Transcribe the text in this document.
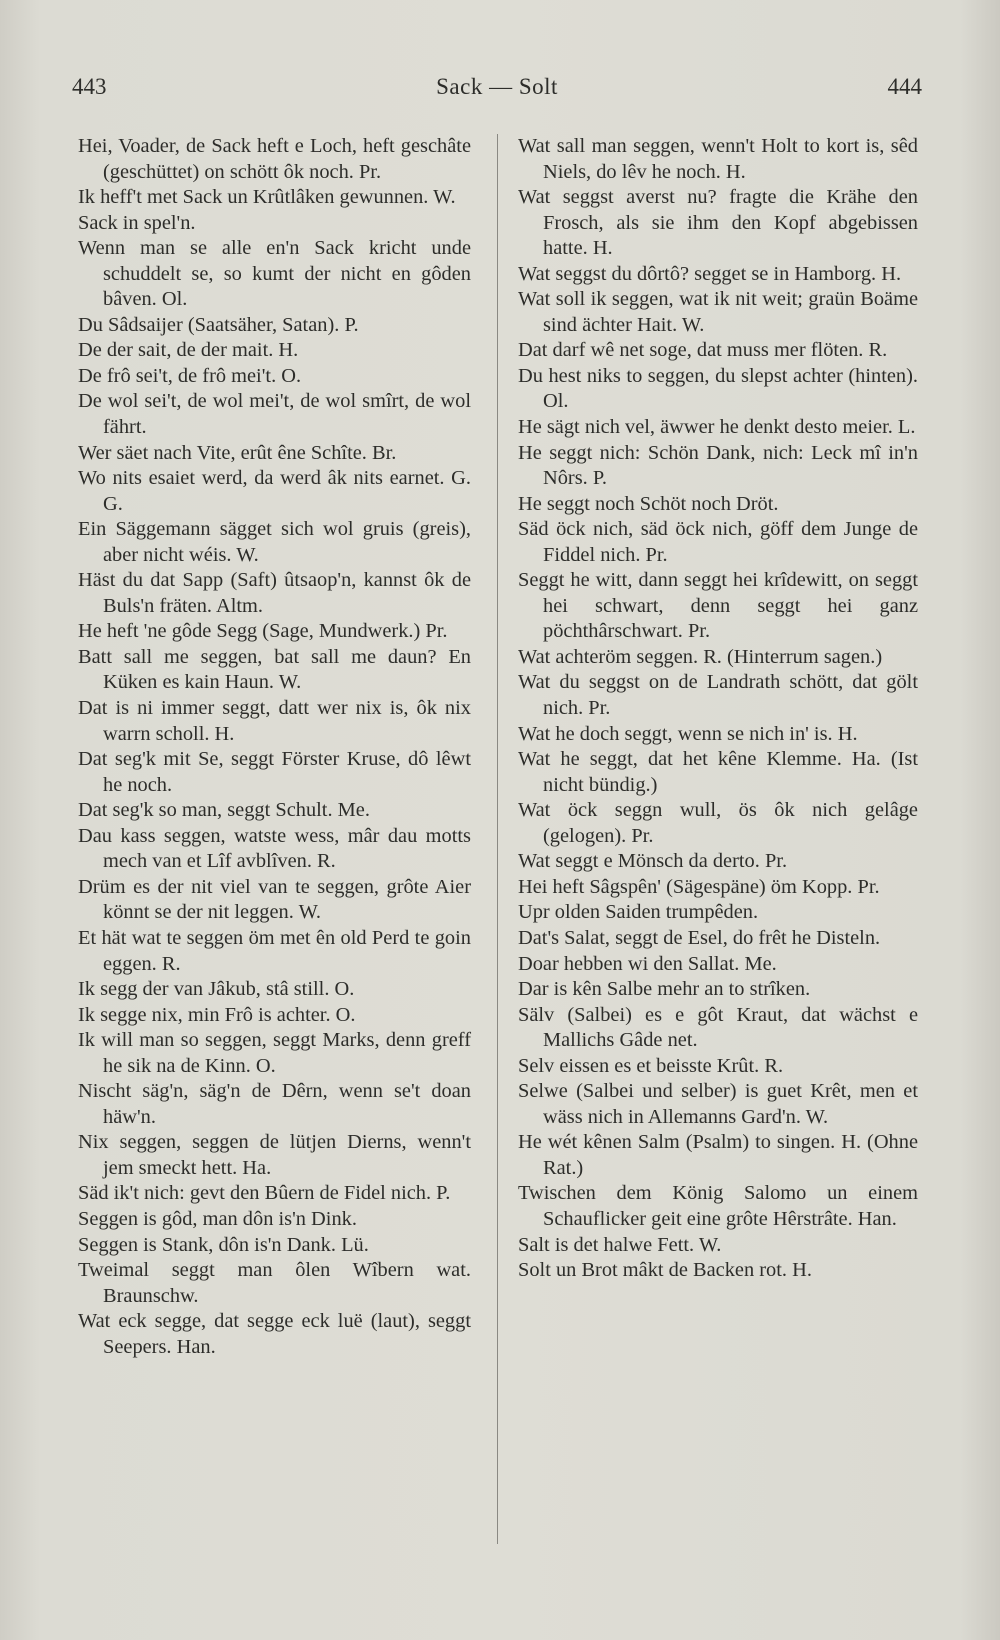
443	Sack — Solt	444
Hei, Voader, de Sack heft e Loch, heft geschâte (geschüttet) on schött ôk noch. Pr.
Ik heff't met Sack un Krûtlâken gewunnen. W.
Sack in spel'n.
Wenn man se alle en'n Sack kricht unde schuddelt se, so kumt der nicht en gôden bâven. Ol.
Du Sâdsaijer (Saatsäher, Satan). P.
De der sait, de der mait. H.
De frô sei't, de frô mei't. O.
De wol sei't, de wol mei't, de wol smîrt, de wol fährt.
Wer säet nach Vite, erût êne Schîte. Br.
Wo nits esaiet werd, da werd âk nits earnet. G. G.
Ein Säggemann sägget sich wol gruis (greis), aber nicht wéis. W.
Häst du dat Sapp (Saft) ûtsaop'n, kannst ôk de Buls'n fräten. Altm.
He heft 'ne gôde Segg (Sage, Mundwerk.) Pr.
Batt sall me seggen, bat sall me daun? En Küken es kain Haun. W.
Dat is ni immer seggt, datt wer nix is, ôk nix warrn scholl. H.
Dat seg'k mit Se, seggt Förster Kruse, dô lêwt he noch.
Dat seg'k so man, seggt Schult. Me.
Dau kass seggen, watste wess, mâr dau motts mech van et Lîf avblîven. R.
Drüm es der nit viel van te seggen, grôte Aier könnt se der nit leggen. W.
Et hät wat te seggen öm met ên old Perd te goin eggen. R.
Ik segg der van Jâkub, stâ still. O.
Ik segge nix, min Frô is achter. O.
Ik will man so seggen, seggt Marks, denn greff he sik na de Kinn. O.
Nischt säg'n, säg'n de Dêrn, wenn se't doan häw'n.
Nix seggen, seggen de lütjen Dierns, wenn't jem smeckt hett. Ha.
Säd ik't nich: gevt den Bûern de Fidel nich. P.
Seggen is gôd, man dôn is'n Dink.
Seggen is Stank, dôn is'n Dank. Lü.
Tweimal seggt man ôlen Wîbern wat. Braunschw.
Wat eck segge, dat segge eck luë (laut), seggt Seepers. Han.
Wat sall man seggen, wenn't Holt to kort is, sêd Niels, do lêv he noch. H.
Wat seggst averst nu? fragte die Krähe den Frosch, als sie ihm den Kopf abgebissen hatte. H.
Wat seggst du dôrtô? segget se in Hamborg. H.
Wat soll ik seggen, wat ik nit weit; graün Boäme sind ächter Hait. W.
Dat darf wê net soge, dat muss mer flöten. R.
Du hest niks to seggen, du slepst achter (hinten). Ol.
He sägt nich vel, äwwer he denkt desto meier. L.
He seggt nich: Schön Dank, nich: Leck mî in'n Nôrs. P.
He seggt noch Schöt noch Dröt.
Säd öck nich, säd öck nich, göff dem Junge de Fiddel nich. Pr.
Seggt he witt, dann seggt hei krîdewitt, on seggt hei schwart, denn seggt hei ganz pöchthârschwart. Pr.
Wat achteröm seggen. R. (Hinterrum sagen.)
Wat du seggst on de Landrath schött, dat gölt nich. Pr.
Wat he doch seggt, wenn se nich in' is. H.
Wat he seggt, dat het kêne Klemme. Ha. (Ist nicht bündig.)
Wat öck seggn wull, ös ôk nich gelâge (gelogen). Pr.
Wat seggt e Mönsch da derto. Pr.
Hei heft Sâgspên' (Sägespäne) öm Kopp. Pr.
Upr olden Saiden trumpêden.
Dat's Salat, seggt de Esel, do frêt he Disteln.
Doar hebben wi den Sallat. Me.
Dar is kên Salbe mehr an to strîken.
Sälv (Salbei) es e gôt Kraut, dat wächst e Mallichs Gâde net.
Selv eissen es et beisste Krût. R.
Selwe (Salbei und selber) is guet Krêt, men et wäss nich in Allemanns Gard'n. W.
He wét kênen Salm (Psalm) to singen. H. (Ohne Rat.)
Twischen dem König Salomo un einem Schauflicker geit eine grôte Hêrstrâte. Han.
Salt is det halwe Fett. W.
Solt un Brot mâkt de Backen rot. H.
